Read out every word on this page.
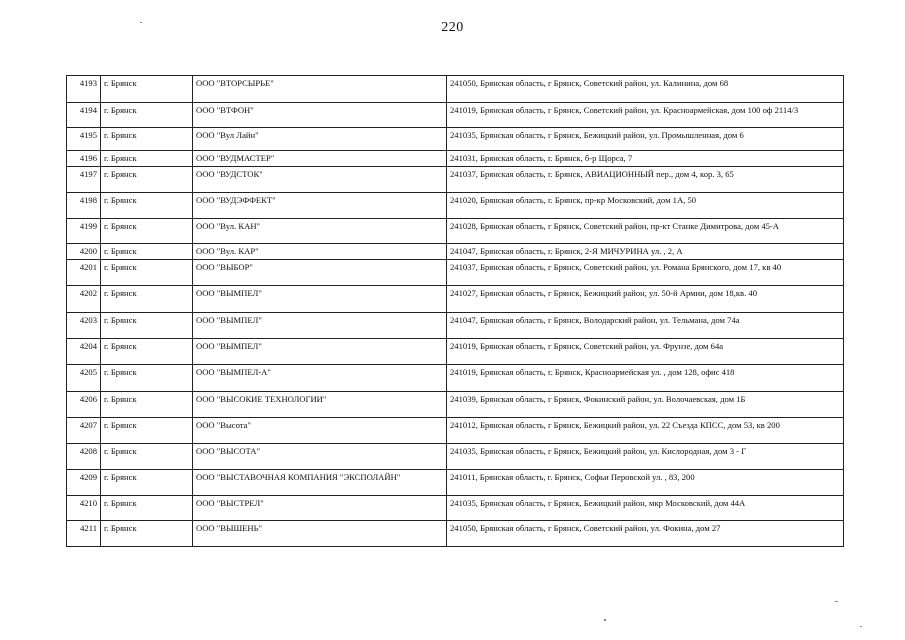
220
4193	г. Брянск	ООО "ВТОРСЫРЬЕ"	241050, Брянская область, г Брянск, Советский район, ул. Калинина, дом 68
4194	г. Брянск	ООО "ВТФОН"	241019, Брянская область, г Брянск, Советский район, ул. Красноармейская, дом 100 оф 2114/3
4195	г. Брянск	ООО "Вул Лайн"	241035, Брянская область, г Брянск, Бежицкий район, ул. Промышленная, дом 6
4196	г. Брянск	ООО "ВУДМАСТЕР"	241031, Брянская область, г. Брянск, б-р Щорса, 7
4197	г. Брянск	ООО "ВУДСТОК"	241037, Брянская область, г. Брянск, АВИАЦИОННЫЙ пер., дом 4, кор. 3, 65
4198	г. Брянск	ООО "ВУДЭФФЕКТ"	241020, Брянская область, г. Брянск, пр-кр Московский, дом 1А, 50
4199	г. Брянск	ООО "Вул. КАН"	241028, Брянская область, г Брянск, Советский район, пр-кт Станке Димитрова, дом 45-А
4200	г. Брянск	ООО "Вул. КАР"	241047, Брянская область, г. Брянск, 2-Я МИЧУРИНА ул. , 2, А
4201	г. Брянск	ООО "ВЫБОР"	241037, Брянская область, г Брянск, Советский район, ул. Романа Брянского, дом 17, кв 40
4202	г. Брянск	ООО "ВЫМПЕЛ"	241027, Брянская область, г Брянск, Бежицкий район, ул. 50-й Армии, дом 18,кв. 40
4203	г. Брянск	ООО "ВЫМПЕЛ"	241047, Брянская область, г Брянск, Володарский район, ул. Тельмана, дом 74а
4204	г. Брянск	ООО "ВЫМПЕЛ"	241019, Брянская область, г Брянск, Советский район, ул. Фрунзе, дом 64а
4205	г. Брянск	ООО "ВЫМПЕЛ-А"	241019, Брянская область, г. Брянск, Красноармейская ул. , дом 128, офис 418
4206	г. Брянск	ООО "ВЫСОКИЕ ТЕХНОЛОГИИ"	241039, Брянская область, г Брянск, Фокинский район, ул. Волочаевская, дом 1Б
4207	г. Брянск	ООО "Высота"	241012, Брянская область, г Брянск, Бежицкий район, ул. 22 Съезда КПСС, дом 53, кв 200
4208	г. Брянск	ООО "ВЫСОТА"	241035, Брянская область, г Брянск, Бежицкий район, ул. Кислородная, дом 3 - Г
4209	г. Брянск	ООО "ВЫСТАВОЧНАЯ КОМПАНИЯ "ЭКСПОЛАЙН"	241011, Брянская область, г. Брянск, Софьи Перовской ул. , 83, 200
4210	г. Брянск	ООО "ВЫСТРЕЛ"	241035, Брянская область, г Брянск, Бежицкий район, мкр Московский, дом 44А
4211	г. Брянск	ООО "ВЫШЕНЬ"	241050, Брянская область, г Брянск, Советский район, ул. Фокина, дом 27
